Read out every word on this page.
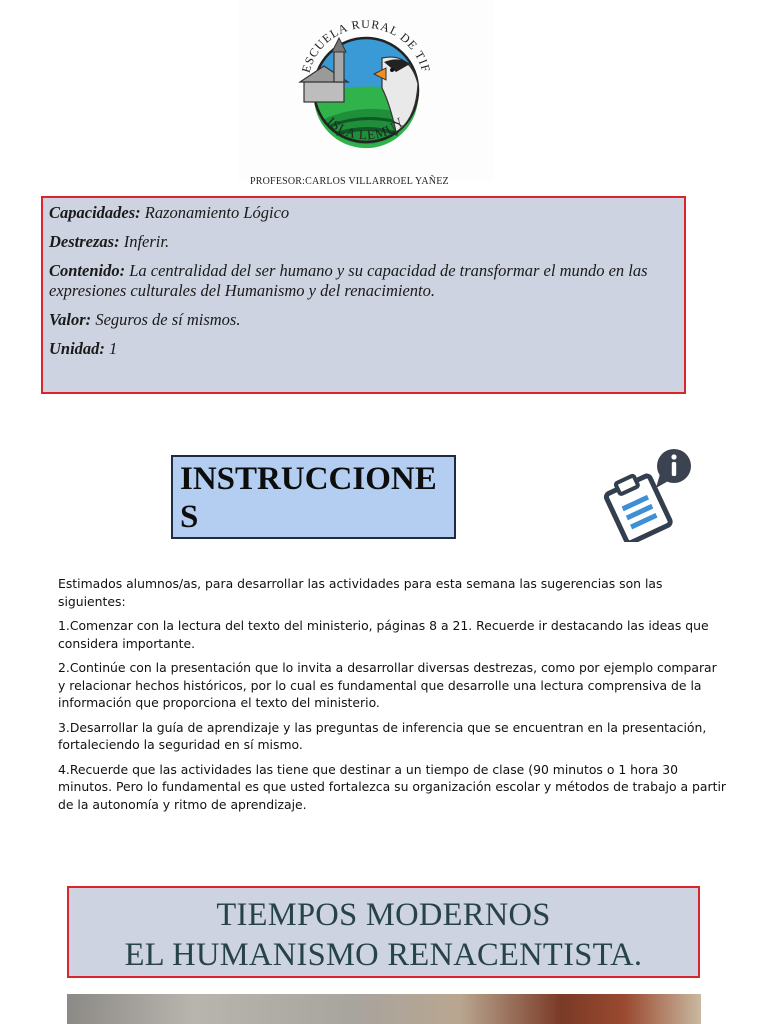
ESCUELA RURAL DE TIF
ISLA LEMUY
PROFESOR:CARLOS VILLARROEL YAÑEZ

Capacidades: Razonamiento Lógico

Destrezas: Inferir.

Contenido: La centralidad del ser humano y su capacidad de transformar el mundo en las expresiones culturales del Humanismo y del renacimiento.

Valor: Seguros de sí mismos.

Unidad: 1

INSTRUCCIONES

Estimados alumnos/as, para desarrollar las actividades para esta semana las sugerencias son las siguientes:

1.Comenzar con la lectura del texto del ministerio, páginas 8 a 21. Recuerde ir destacando las ideas que considera importante.

2.Continúe con la presentación que lo invita a desarrollar diversas destrezas, como por ejemplo comparar y relacionar hechos históricos, por lo cual es fundamental que desarrolle una lectura comprensiva de la información que proporciona el texto del ministerio.

3.Desarrollar la guía de aprendizaje y las preguntas de inferencia que se encuentran en la presentación, fortaleciendo la seguridad en sí mismo.

4.Recuerde que las actividades las tiene que destinar a un tiempo de clase (90 minutos o 1 hora 30 minutos. Pero lo fundamental es que usted fortalezca su organización escolar y métodos de trabajo a partir de la autonomía y ritmo de aprendizaje.

TIEMPOS MODERNOS
EL HUMANISMO RENACENTISTA.
